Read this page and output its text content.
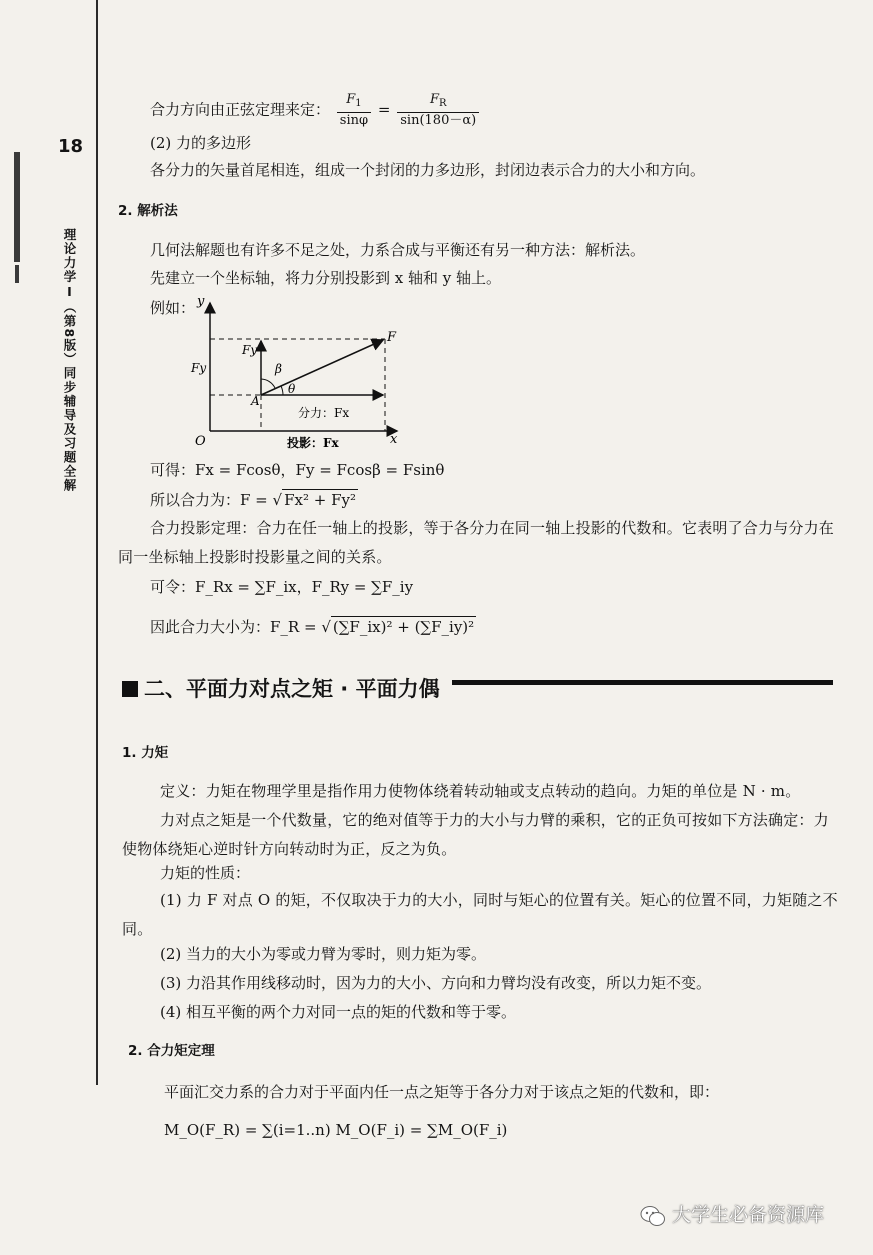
18
理论力学Ⅰ（第8版）同步辅导及习题全解
合力方向由正弦定理来定： $\frac{F_1}{\sin\varphi} = \frac{F_R}{\sin(180-\alpha)}$
(2) 力的多边形
各分力的矢量首尾相连，组成一个封闭的力多边形，封闭边表示合力的大小和方向。
2. 解析法
几何法解题也有许多不足之处，力系合成与平衡还有另一种方法：解析法。
先建立一个坐标轴，将力分别投影到 x 轴和 y 轴上。
例如： y
x
O
A
F
Fy
Fy
β
θ
分力：Fx
投影：Fx
可得：Fx = Fcosθ，Fy = Fcosβ = Fsinθ
所以合力为：F = √ Fx² + Fy²
合力投影定理：合力在任一轴上的投影，等于各分力在同一轴上投影的代数和。它表明了合力与分力在同一坐标轴上投影时投影量之间的关系。
可令：F_Rx = ∑F_ix，F_Ry = ∑F_iy
因此合力大小为：F_R = √ (∑F_ix)² + (∑F_iy)²
二、平面力对点之矩 · 平面力偶
1. 力矩
定义：力矩在物理学里是指作用力使物体绕着转动轴或支点转动的趋向。力矩的单位是 N · m。
力对点之矩是一个代数量，它的绝对值等于力的大小与力臂的乘积，它的正负可按如下方法确定：力使物体绕矩心逆时针方向转动时为正，反之为负。
力矩的性质：
(1) 力 F 对点 O 的矩，不仅取决于力的大小，同时与矩心的位置有关。矩心的位置不同，力矩随之不同。
(2) 当力的大小为零或力臂为零时，则力矩为零。
(3) 力沿其作用线移动时，因为力的大小、方向和力臂均没有改变，所以力矩不变。
(4) 相互平衡的两个力对同一点的矩的代数和等于零。
2. 合力矩定理
平面汇交力系的合力对于平面内任一点之矩等于各分力对于该点之矩的代数和，即：
M_O(F_R) = ∑(i=1..n) M_O(F_i) = ∑M_O(F_i)
大学生必备资源库
